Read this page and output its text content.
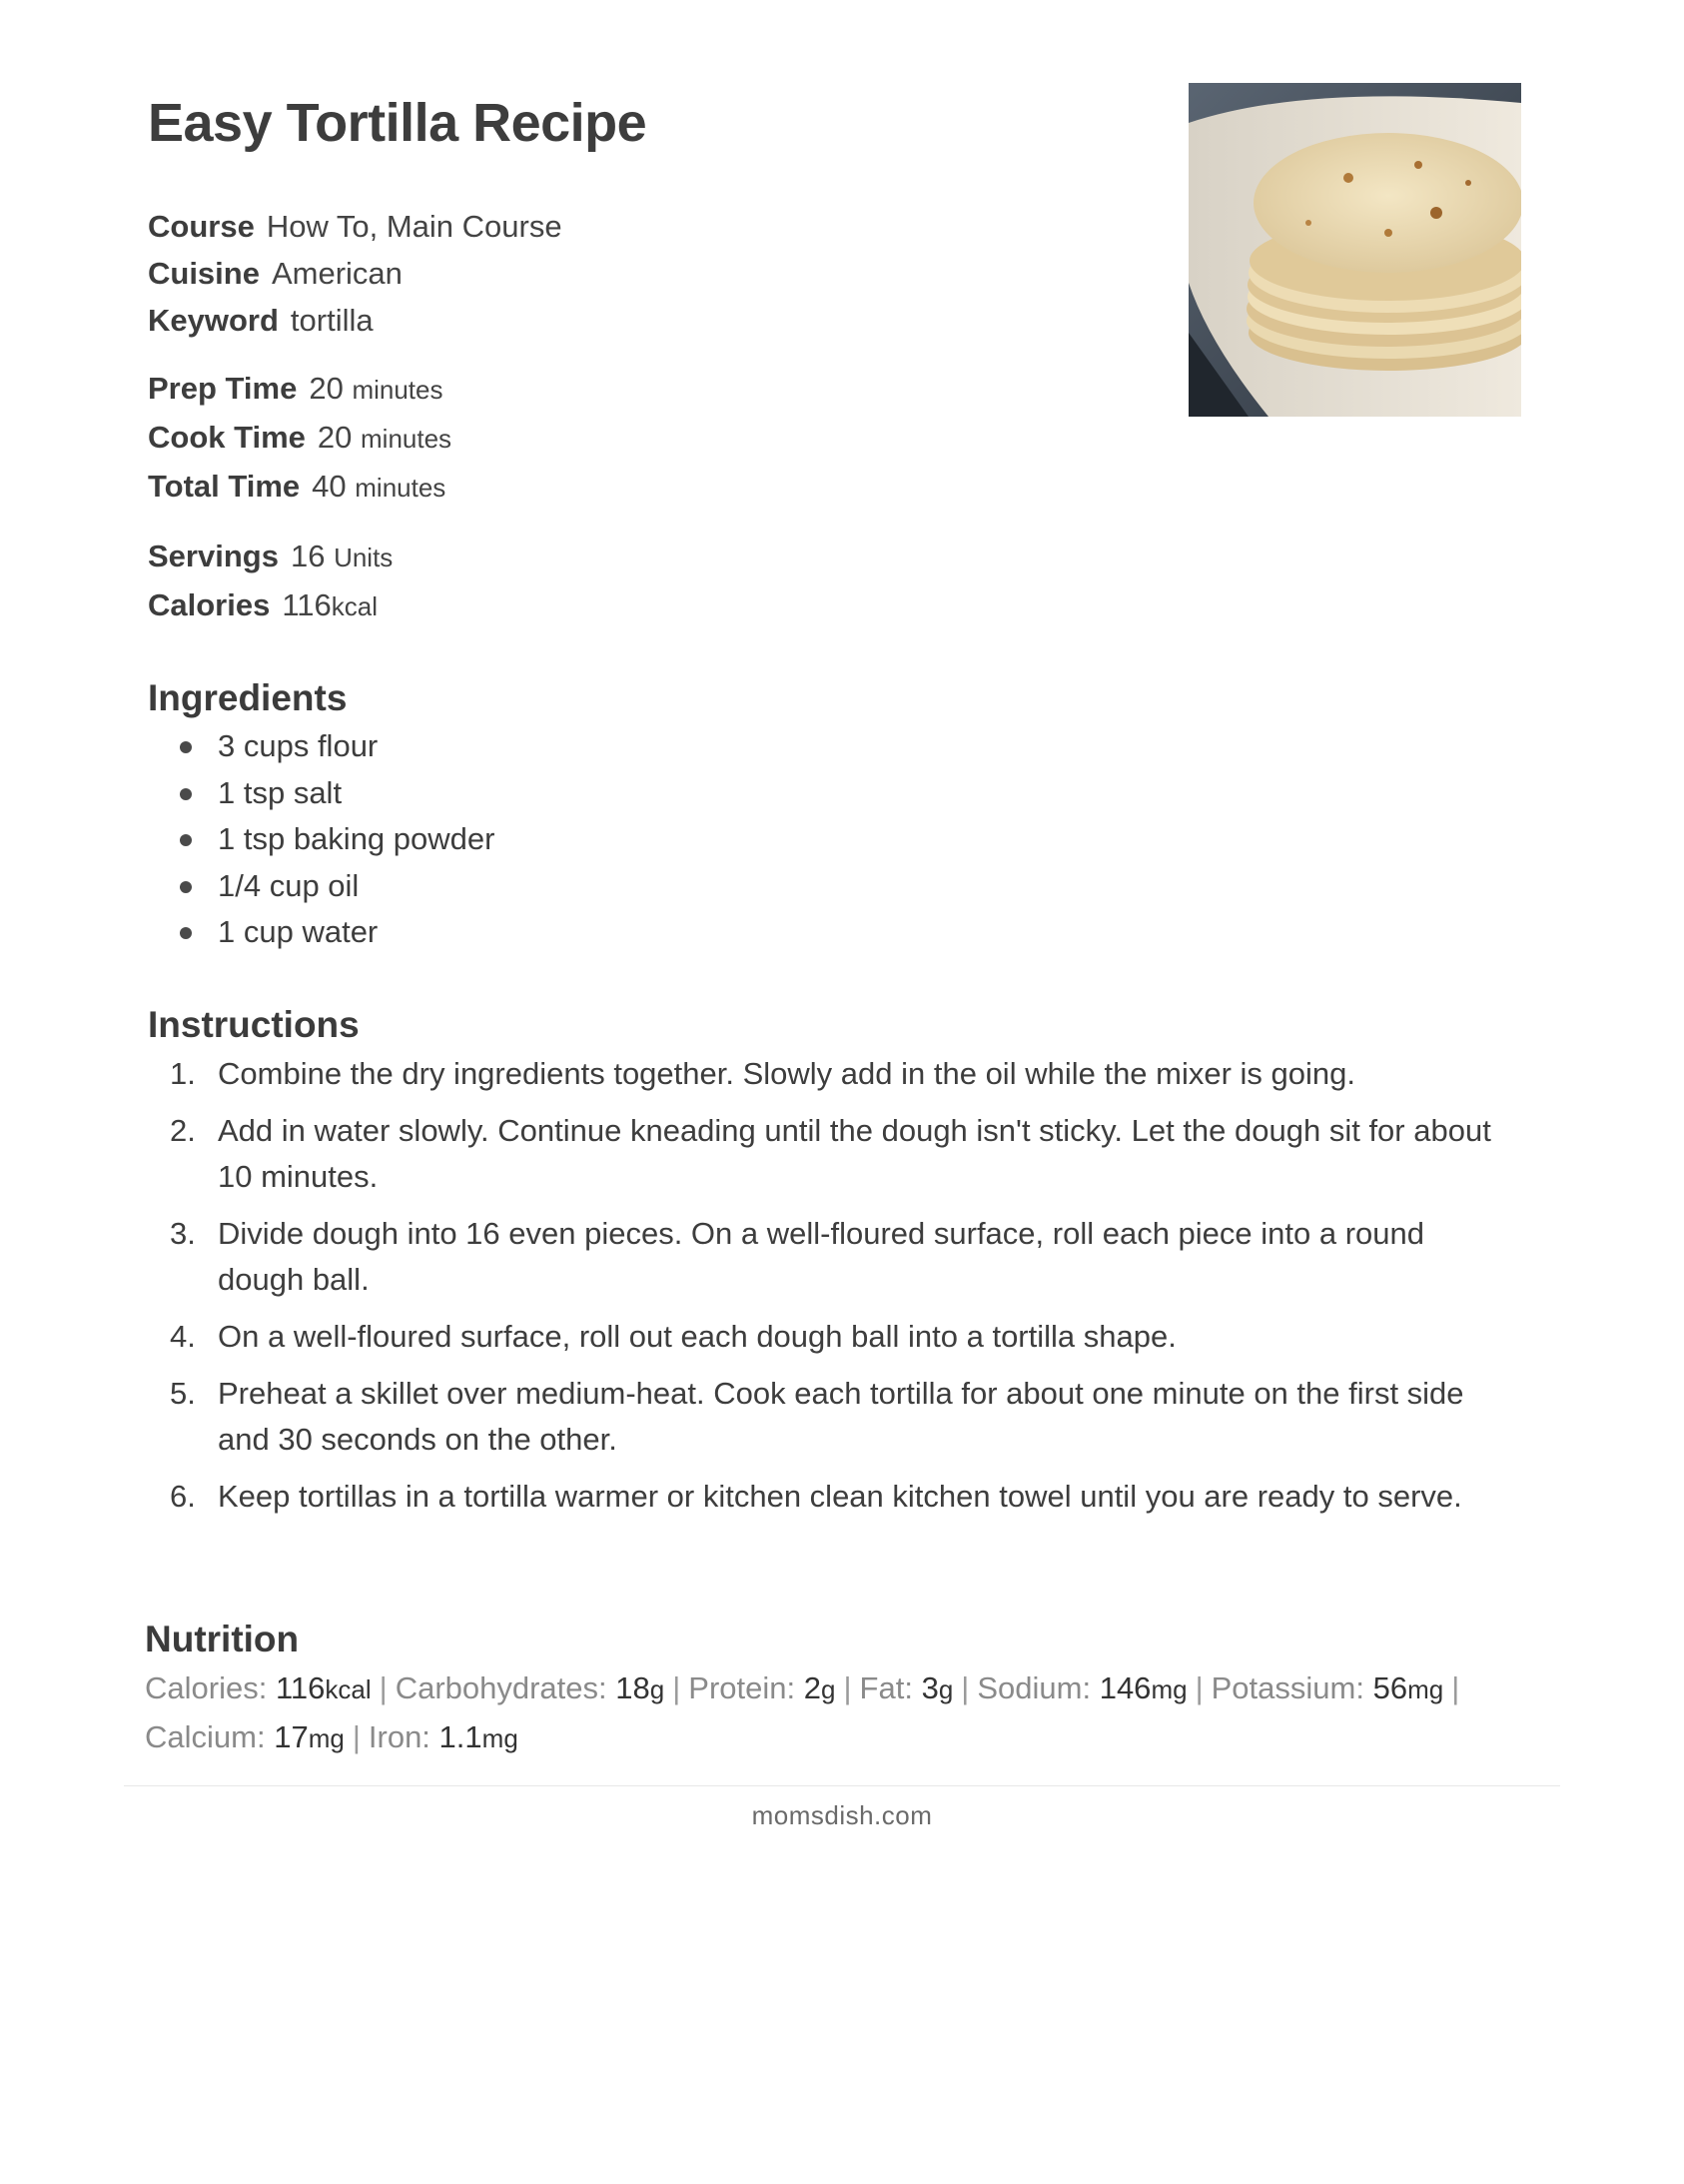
Easy Tortilla Recipe
Course How To, Main Course
Cuisine American
Keyword tortilla
Prep Time 20 minutes
Cook Time 20 minutes
Total Time 40 minutes
Servings 16 Units
Calories 116kcal
Ingredients
3 cups flour
1 tsp salt
1 tsp baking powder
1/4 cup oil
1 cup water
Instructions
1. Combine the dry ingredients together. Slowly add in the oil while the mixer is going.
2. Add in water slowly. Continue kneading until the dough isn't sticky. Let the dough sit for about 10 minutes.
3. Divide dough into 16 even pieces. On a well-floured surface, roll each piece into a round dough ball.
4. On a well-floured surface, roll out each dough ball into a tortilla shape.
5. Preheat a skillet over medium-heat. Cook each tortilla for about one minute on the first side and 30 seconds on the other.
6. Keep tortillas in a tortilla warmer or kitchen clean kitchen towel until you are ready to serve.
Nutrition
Calories: 116kcal | Carbohydrates: 18g | Protein: 2g | Fat: 3g | Sodium: 146mg | Potassium: 56mg |
Calcium: 17mg | Iron: 1.1mg
momsdish.com
